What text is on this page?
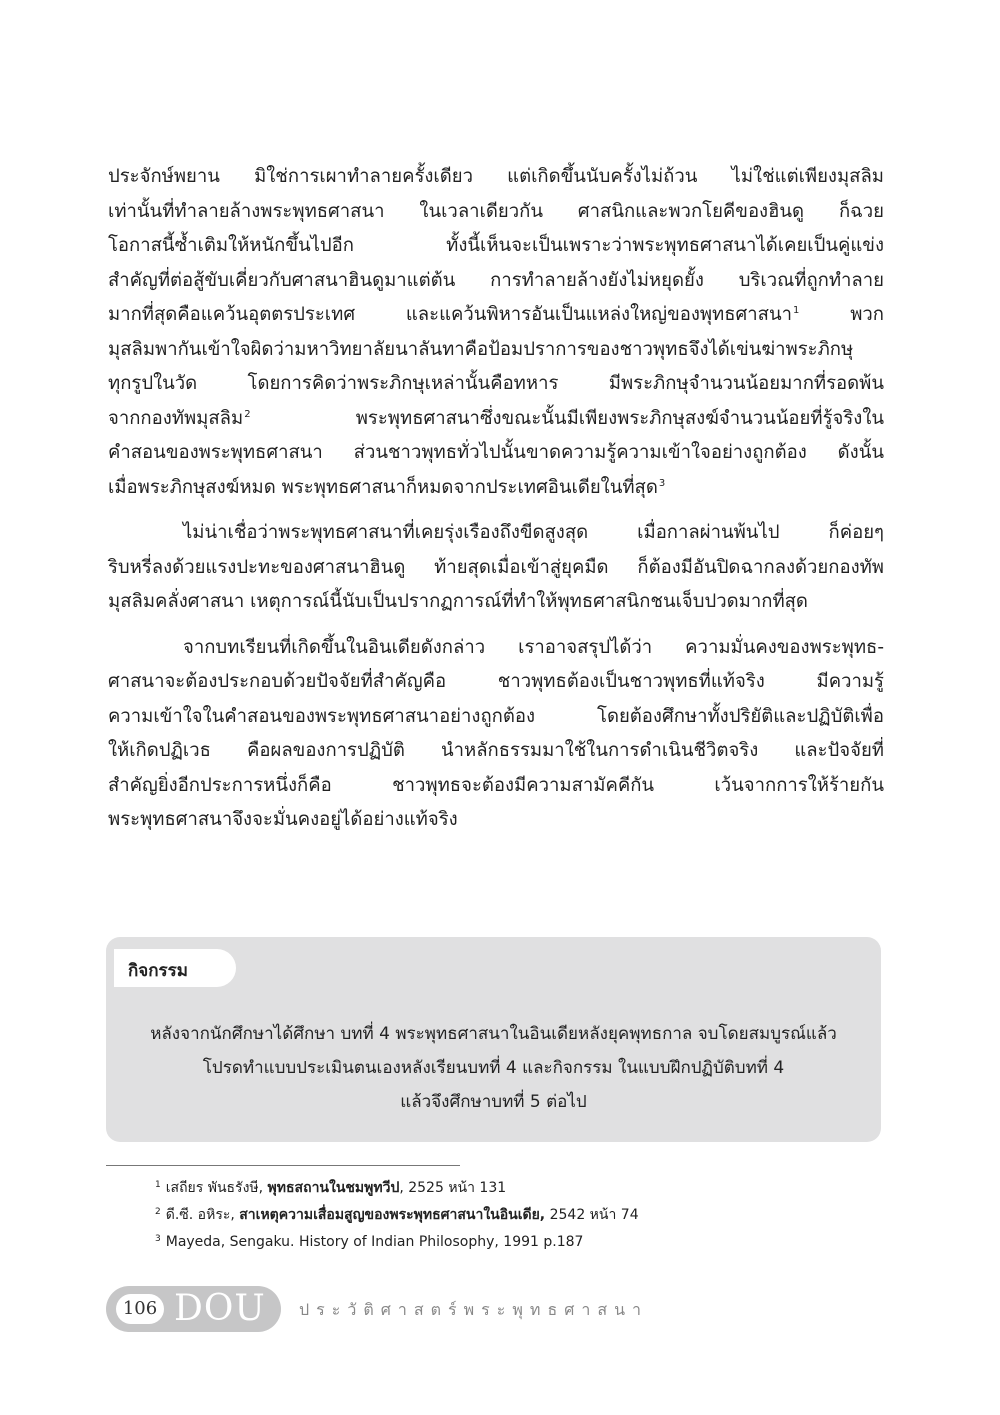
ประจักษ์พยาน มิใช่การเผาทำลายครั้งเดียว แต่เกิดขึ้นนับครั้งไม่ถ้วน ไม่ใช่แต่เพียงมุสลิม

เท่านั้นที่ทำลายล้างพระพุทธศาสนา ในเวลาเดียวกัน ศาสนิกและพวกโยคีของฮินดู ก็ฉวย

โอกาสนี้ซ้ำเติมให้หนักขึ้นไปอีก ทั้งนี้เห็นจะเป็นเพราะว่าพระพุทธศาสนาได้เคยเป็นคู่แข่ง

สำคัญที่ต่อสู้ขับเคี่ยวกับศาสนาฮินดูมาแต่ต้น การทำลายล้างยังไม่หยุดยั้ง บริเวณที่ถูกทำลาย

มากที่สุดคือแคว้นอุตตรประเทศ และแคว้นพิหารอันเป็นแหล่งใหญ่ของพุทธศาสนา$^1$	พวก

มุสลิมพากันเข้าใจผิดว่ามหาวิทยาลัยนาลันทาคือป้อมปราการของชาวพุทธจึงได้เข่นฆ่าพระภิกษุ

ทุกรูปในวัด โดยการคิดว่าพระภิกษุเหล่านั้นคือทหาร มีพระภิกษุจำนวนน้อยมากที่รอดพ้น

จากกองทัพมุสลิม$^2$	พระพุทธศาสนาซึ่งขณะนั้นมีเพียงพระภิกษุสงฆ์จำนวนน้อยที่รู้จริงใน

คำสอนของพระพุทธศาสนา ส่วนชาวพุทธทั่วไปนั้นขาดความรู้ความเข้าใจอย่างถูกต้อง ดังนั้น

เมื่อพระภิกษุสงฆ์หมด พระพุทธศาสนาก็หมดจากประเทศอินเดียในที่สุด$^3$

ไม่น่าเชื่อว่าพระพุทธศาสนาที่เคยรุ่งเรืองถึงขีดสูงสุด เมื่อกาลผ่านพ้นไป ก็ค่อยๆ

ริบหรี่ลงด้วยแรงปะทะของศาสนาฮินดู ท้ายสุดเมื่อเข้าสู่ยุคมืด ก็ต้องมีอันปิดฉากลงด้วยกองทัพ

มุสลิมคลั่งศาสนา เหตุการณ์นี้นับเป็นปรากฏการณ์ที่ทำให้พุทธศาสนิกชนเจ็บปวดมากที่สุด

จากบทเรียนที่เกิดขึ้นในอินเดียดังกล่าว เราอาจสรุปได้ว่า ความมั่นคงของพระพุทธ-

ศาสนาจะต้องประกอบด้วยปัจจัยที่สำคัญคือ ชาวพุทธต้องเป็นชาวพุทธที่แท้จริง มีความรู้

ความเข้าใจในคำสอนของพระพุทธศาสนาอย่างถูกต้อง โดยต้องศึกษาทั้งปริยัติและปฏิบัติเพื่อ

ให้เกิดปฏิเวธ คือผลของการปฏิบัติ นำหลักธรรมมาใช้ในการดำเนินชีวิตจริง และปัจจัยที่

สำคัญยิ่งอีกประการหนึ่งก็คือ ชาวพุทธจะต้องมีความสามัคคีกัน เว้นจากการให้ร้ายกัน

พระพุทธศาสนาจึงจะมั่นคงอยู่ได้อย่างแท้จริง

กิจกรรม
หลังจากนักศึกษาได้ศึกษา บทที่ 4 พระพุทธศาสนาในอินเดียหลังยุคพุทธกาล จบโดยสมบูรณ์แล้ว
โปรดทำแบบประเมินตนเองหลังเรียนบทที่ 4 และกิจกรรม ในแบบฝึกปฏิบัติบทที่ 4
แล้วจึงศึกษาบทที่ 5 ต่อไป
$^1$ เสถียร พันธรังษี, พุทธสถานในชมพูทวีป, 2525 หน้า 131
$^2$ ดี.ซี. อหิระ, สาเหตุความเสื่อมสูญของพระพุทธศาสนาในอินเดีย, 2542 หน้า 74
$^3$ Mayeda, Sengaku. History of Indian Philosophy, 1991 p.187
106 DOU ประวัติศาสตร์พระพุทธศาสนา
